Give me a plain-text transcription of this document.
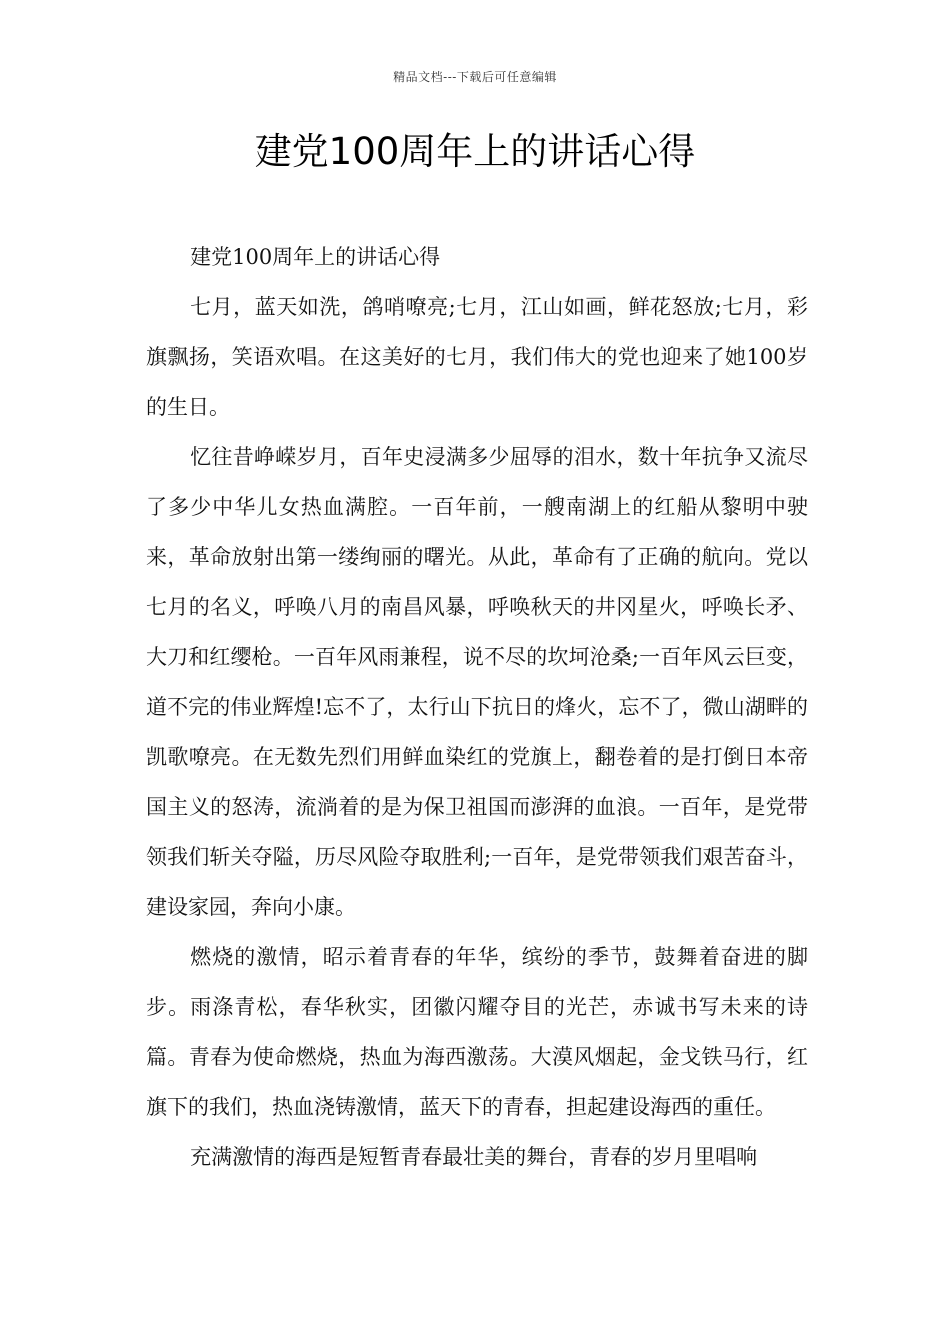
精品文档---下载后可任意编辑
建党100周年上的讲话心得

建党100周年上的讲话心得

七月，蓝天如洗，鸽哨嘹亮;七月，江山如画，鲜花怒放;七月，彩旗飘扬，笑语欢唱。在这美好的七月，我们伟大的党也迎来了她100岁的生日。

忆往昔峥嵘岁月，百年史浸满多少屈辱的泪水，数十年抗争又流尽了多少中华儿女热血满腔。一百年前，一艘南湖上的红船从黎明中驶来，革命放射出第一缕绚丽的曙光。从此，革命有了正确的航向。党以七月的名义，呼唤八月的南昌风暴，呼唤秋天的井冈星火，呼唤长矛、大刀和红缨枪。一百年风雨兼程，说不尽的坎坷沧桑;一百年风云巨变，道不完的伟业辉煌!忘不了，太行山下抗日的烽火，忘不了，微山湖畔的凯歌嘹亮。在无数先烈们用鲜血染红的党旗上，翻卷着的是打倒日本帝国主义的怒涛，流淌着的是为保卫祖国而澎湃的血浪。一百年，是党带领我们斩关夺隘，历尽风险夺取胜利;一百年，是党带领我们艰苦奋斗，建设家园，奔向小康。

燃烧的激情，昭示着青春的年华，缤纷的季节，鼓舞着奋进的脚步。雨涤青松，春华秋实，团徽闪耀夺目的光芒，赤诚书写未来的诗篇。青春为使命燃烧，热血为海西激荡。大漠风烟起，金戈铁马行，红旗下的我们，热血浇铸激情，蓝天下的青春，担起建设海西的重任。

充满激情的海西是短暂青春最壮美的舞台，青春的岁月里唱响
